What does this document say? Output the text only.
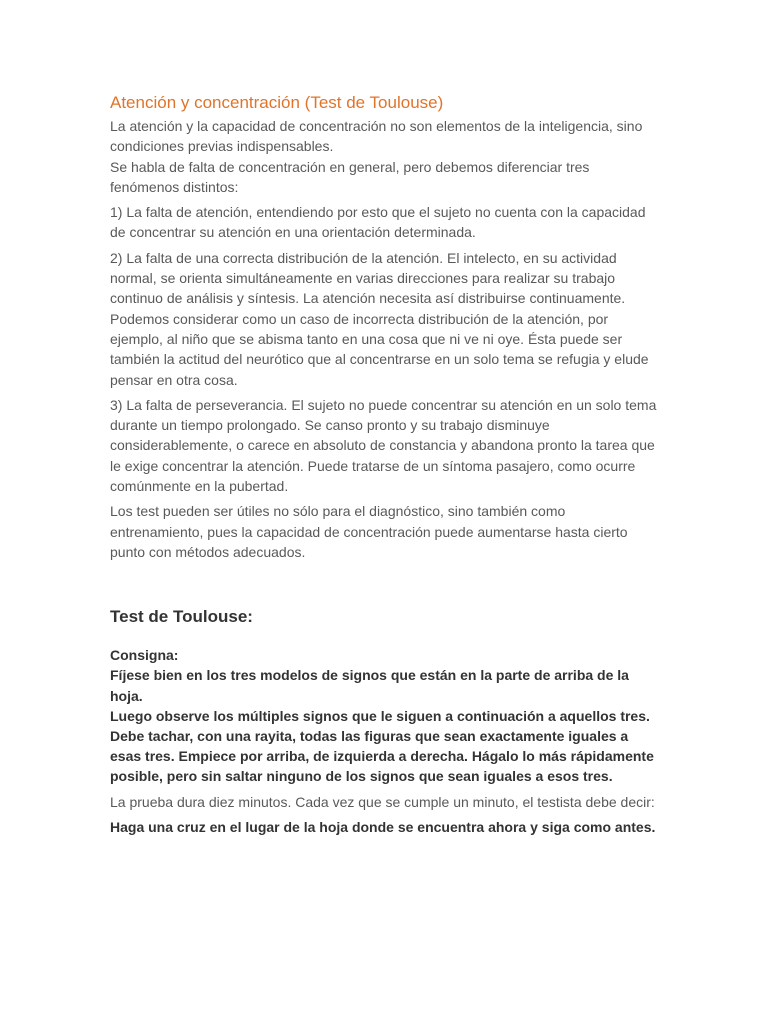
Atención y concentración (Test de Toulouse)

La atención y la capacidad de concentración no son elementos de la inteligencia, sino condiciones previas indispensables.

Se habla de falta de concentración en general, pero debemos diferenciar tres fenómenos distintos:

1) La falta de atención, entendiendo por esto que el sujeto no cuenta con la capacidad de concentrar su atención en una orientación determinada.

2) La falta de una correcta distribución de la atención. El intelecto, en su actividad normal, se orienta simultáneamente en varias direcciones para realizar su trabajo continuo de análisis y síntesis. La atención necesita así distribuirse continuamente. Podemos considerar como un caso de incorrecta distribución de la atención, por ejemplo, al niño que se abisma tanto en una cosa que ni ve ni oye. Ésta puede ser también la actitud del neurótico que al concentrarse en un solo tema se refugia y elude pensar en otra cosa.

3) La falta de perseverancia. El sujeto no puede concentrar su atención en un solo tema durante un tiempo prolongado. Se canso pronto y su trabajo disminuye considerablemente, o carece en absoluto de constancia y abandona pronto la tarea que le exige concentrar la atención. Puede tratarse de un síntoma pasajero, como ocurre comúnmente en la pubertad.

Los test pueden ser útiles no sólo para el diagnóstico, sino también como entrenamiento, pues la capacidad de concentración puede aumentarse hasta cierto punto con métodos adecuados.

Test de Toulouse:
Consigna:
Fíjese bien en los tres modelos de signos que están en la parte de arriba de la hoja.
Luego observe los múltiples signos que le siguen a continuación a aquellos tres. Debe tachar, con una rayita, todas las figuras que sean exactamente iguales a esas tres. Empiece por arriba, de izquierda a derecha. Hágalo lo más rápidamente posible, pero sin saltar ninguno de los signos que sean iguales a esos tres.

La prueba dura diez minutos. Cada vez que se cumple un minuto, el testista debe decir:

Haga una cruz en el lugar de la hoja donde se encuentra ahora y siga como antes.
